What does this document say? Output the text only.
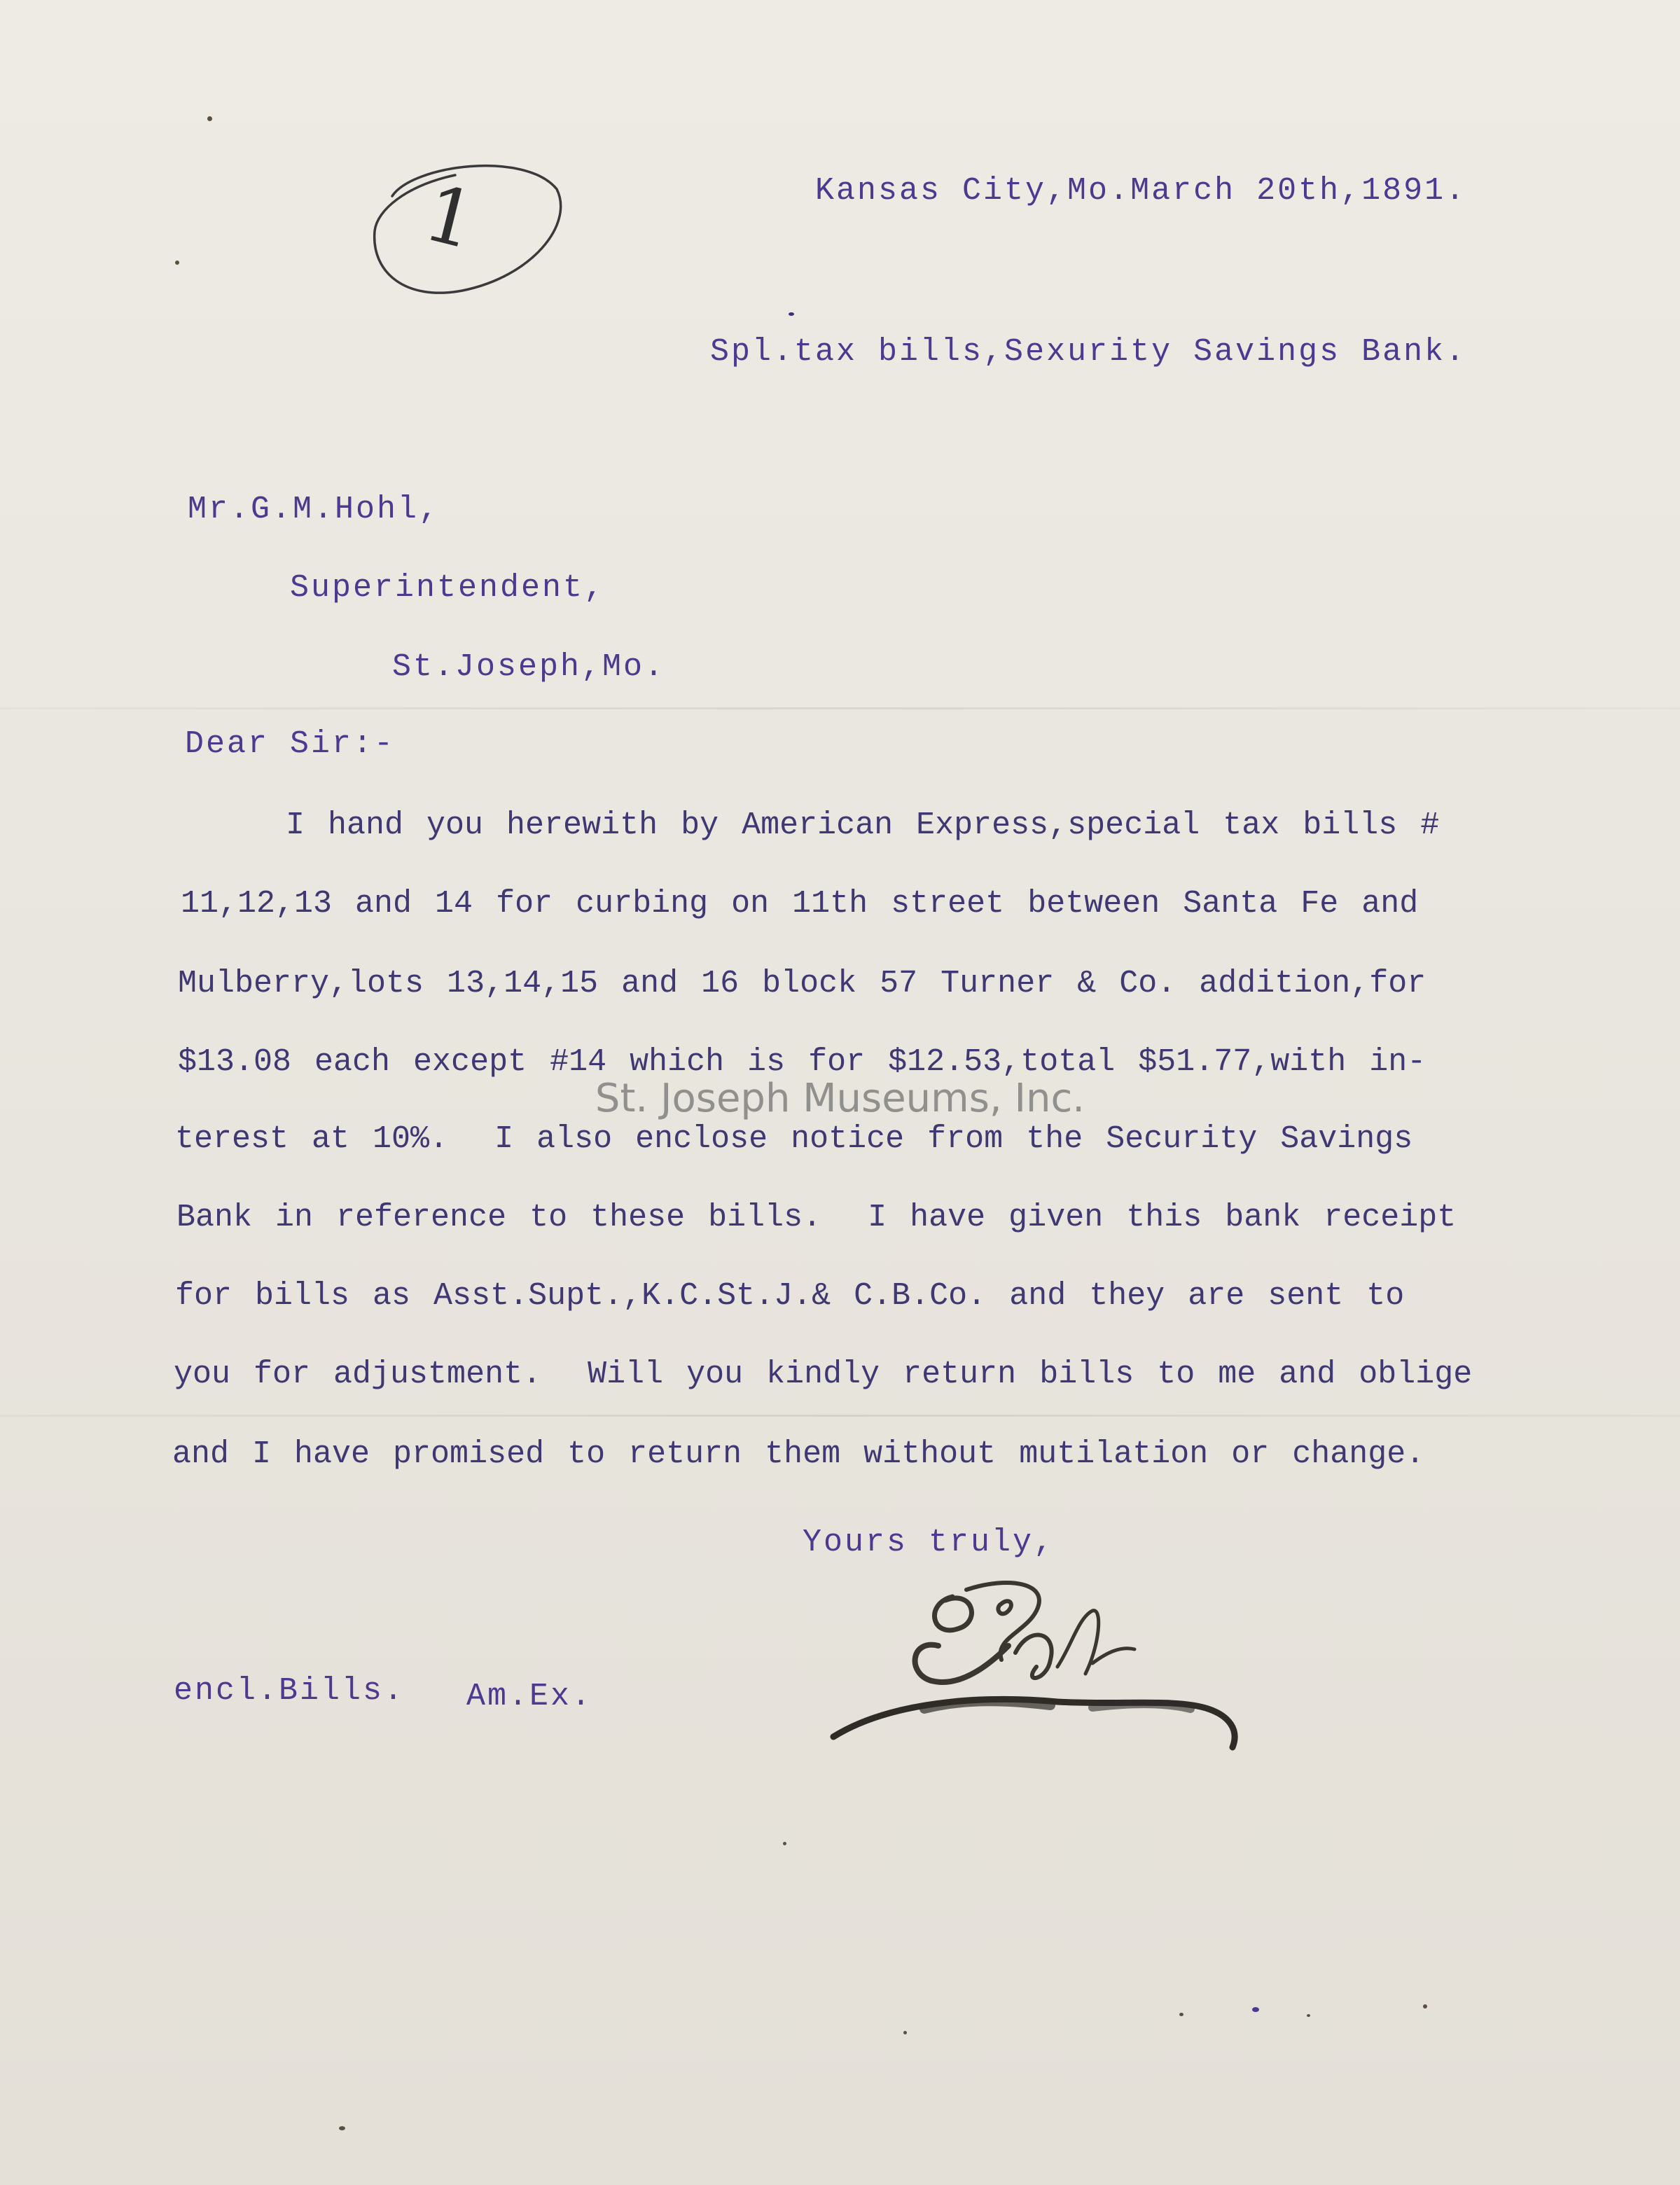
1	Kansas City,Mo.March 20th,1891.
Spl.tax bills,Sexurity Savings Bank.
Mr.G.M.Hohl,
Superintendent,
St.Joseph,Mo.
Dear Sir:-
I hand you herewith by American Express,special tax bills #
11,12,13 and 14 for curbing on 11th street between Santa Fe and
Mulberry,lots 13,14,15 and 16 block 57 Turner & Co. addition,for
$13.08 each except #14 which is for $12.53,total $51.77,with in-
terest at 10%.  I also enclose notice from the Security Savings
Bank in reference to these bills.  I have given this bank receipt
for bills as Asst.Supt.,K.C.St.J.& C.B.Co. and they are sent to
you for adjustment.  Will you kindly return bills to me and oblige
and I have promised to return them without mutilation or change.
St. Joseph Museums, Inc.
Yours truly,
encl.Bills. Am.Ex.
